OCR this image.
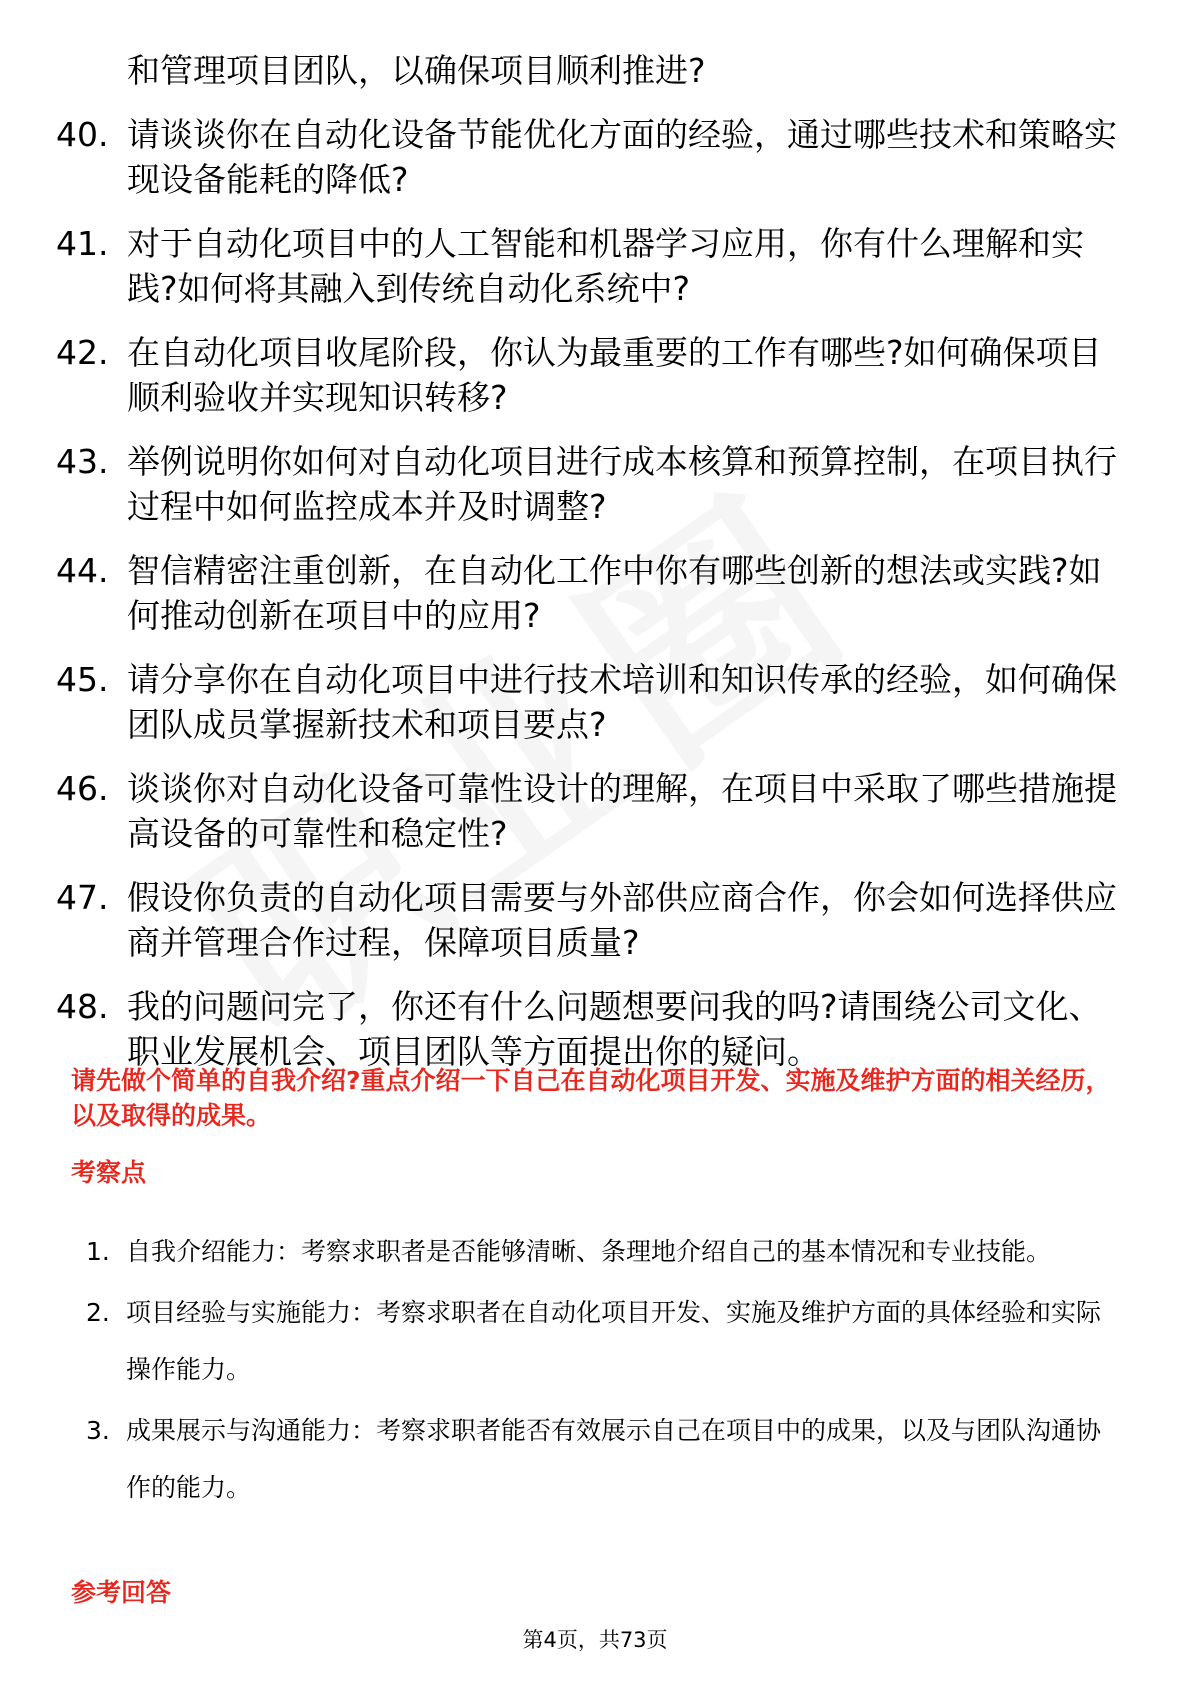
和管理项目团队，以确保项目顺利推进?
40. 请谈谈你在自动化设备节能优化方面的经验，通过哪些技术和策略实现设备能耗的降低?
41. 对于自动化项目中的人工智能和机器学习应用，你有什么理解和实践?如何将其融入到传统自动化系统中?
42. 在自动化项目收尾阶段，你认为最重要的工作有哪些?如何确保项目顺利验收并实现知识转移?
43. 举例说明你如何对自动化项目进行成本核算和预算控制，在项目执行过程中如何监控成本并及时调整?
44. 智信精密注重创新，在自动化工作中你有哪些创新的想法或实践?如何推动创新在项目中的应用?
45. 请分享你在自动化项目中进行技术培训和知识传承的经验，如何确保团队成员掌握新技术和项目要点?
46. 谈谈你对自动化设备可靠性设计的理解，在项目中采取了哪些措施提高设备的可靠性和稳定性?
47. 假设你负责的自动化项目需要与外部供应商合作，你会如何选择供应商并管理合作过程，保障项目质量?
48. 我的问题问完了，你还有什么问题想要问我的吗?请围绕公司文化、职业发展机会、项目团队等方面提出你的疑问。
请先做个简单的自我介绍?重点介绍一下自己在自动化项目开发、实施及维护方面的相关经历，以及取得的成果。
考察点
1. 自我介绍能力：考察求职者是否能够清晰、条理地介绍自己的基本情况和专业技能。
2. 项目经验与实施能力：考察求职者在自动化项目开发、实施及维护方面的具体经验和实际操作能力。
3. 成果展示与沟通能力：考察求职者能否有效展示自己在项目中的成果，以及与团队沟通协作的能力。
参考回答
第4页，共73页
